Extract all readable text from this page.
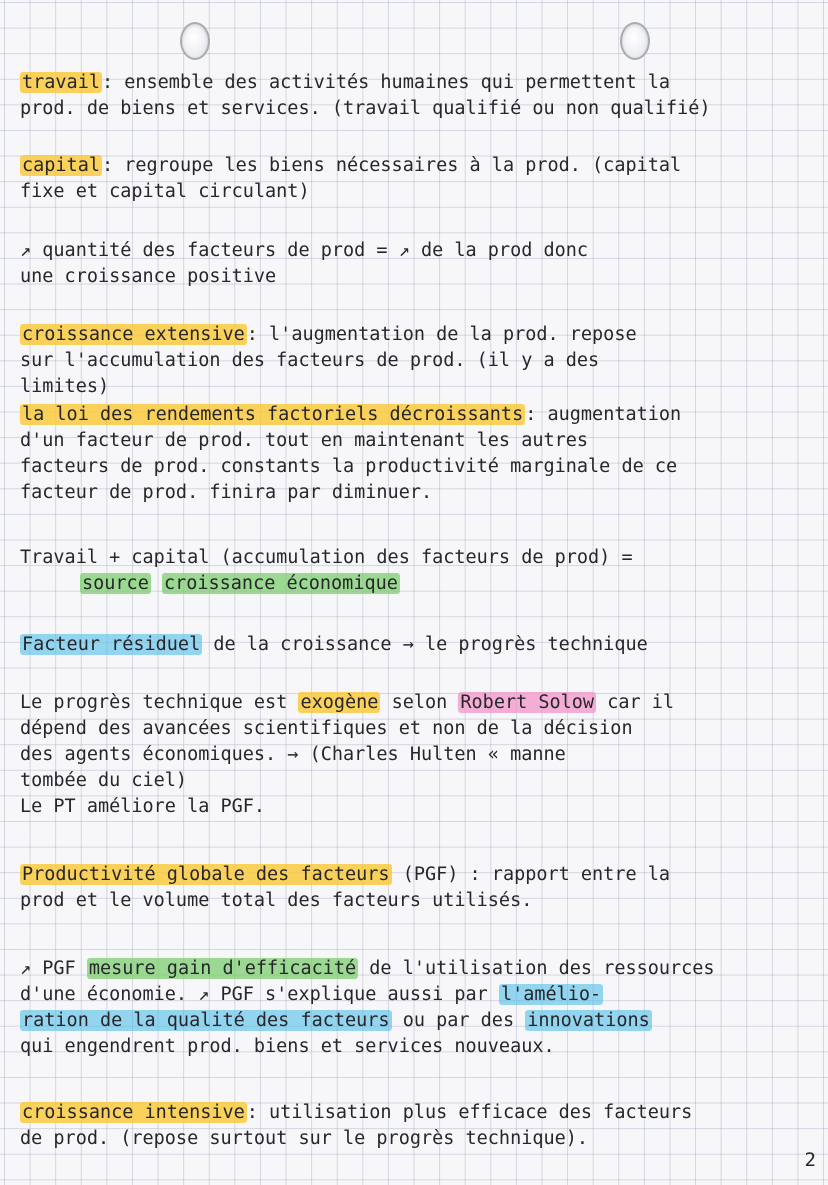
travail : ensemble des activités humaines qui permettent la
prod. de biens et services. (travail qualifié ou non qualifié)
capital : regroupe les biens nécessaires à la prod. (capital
fixe et capital circulant)
↗ quantité des facteurs de prod = ↗ de la prod donc
une croissance positive
croissance extensive : l'augmentation de la prod. repose
sur l'accumulation des facteurs de prod. (il y a des
limites)
la loi des rendements factoriels décroissants : augmentation
d'un facteur de prod. tout en maintenant les autres
facteurs de prod. constants la productivité marginale de ce
facteur de prod. finira par diminuer.
Travail + capital (accumulation des facteurs de prod) =
source croissance économique
Facteur résiduel de la croissance → le progrès technique
Le progrès technique est exogène selon Robert Solow car il
dépend des avancées scientifiques et non de la décision
des agents économiques. → (Charles Hulten « manne
tombée du ciel)
Le PT améliore la PGF.
Productivité globale des facteurs (PGF) : rapport entre la
prod et le volume total des facteurs utilisés.
↗ PGF mesure gain d'efficacité de l'utilisation des ressources
d'une économie. ↗ PGF s'explique aussi par l'amélio-
ration de la qualité des facteurs ou par des innovations
qui engendrent prod. biens et services nouveaux.
croissance intensive : utilisation plus efficace des facteurs
de prod. (repose surtout sur le progrès technique).
2
